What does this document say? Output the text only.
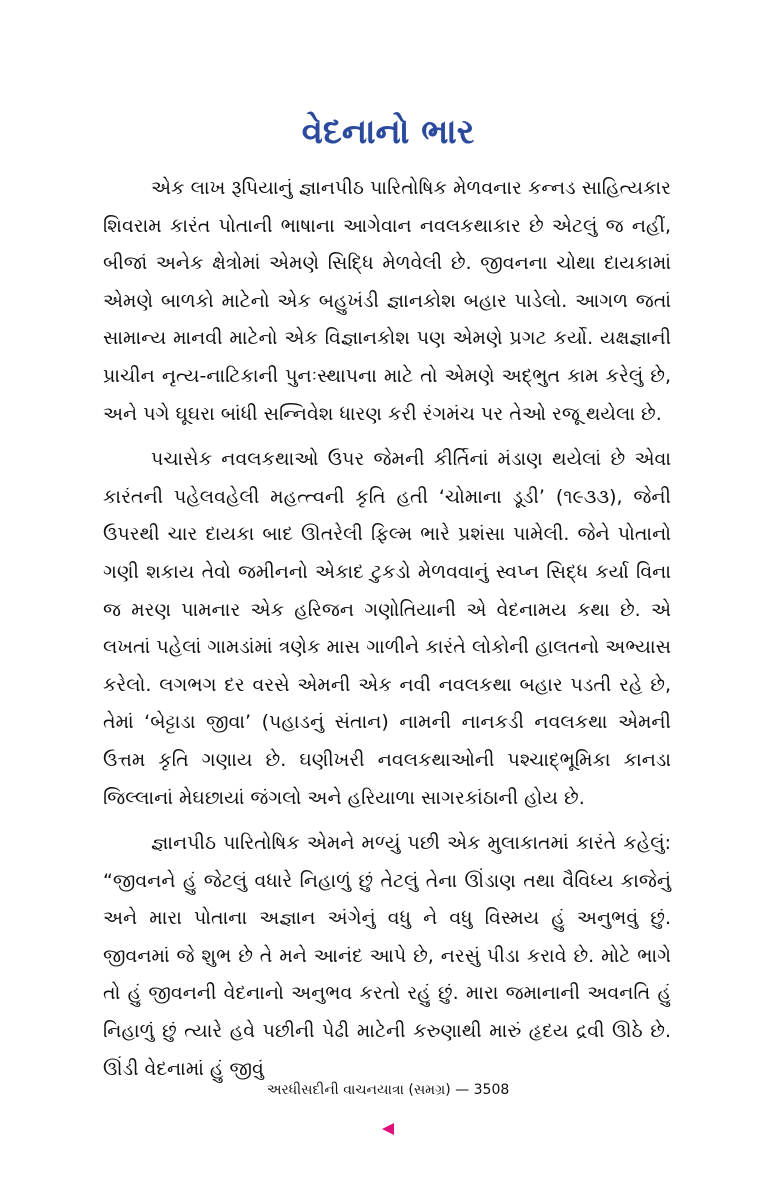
વેદનાનો ભાર

એક લાખ રૂપિયાનું જ્ઞાનપીઠ પારિતોષિક મેળવનાર કન્નડ સાહિત્યકાર શિવરામ કારંત પોતાની ભાષાના આગેવાન નવલકથાકાર છે એટલું જ નહીં, બીજાં અનેક ક્ષેત્રોમાં એમણે સિદ્ધિ મેળવેલી છે. જીવનના ચોથા દાયકામાં એમણે બાળકો માટેનો એક બહુખંડી જ્ઞાનકોશ બહાર પાડેલો. આગળ જતાં સામાન્ય માનવી માટેનો એક વિજ્ઞાનકોશ પણ એમણે પ્રગટ કર્યો. યક્ષજ્ઞાની પ્રાચીન નૃત્ય-નાટિકાની પુનઃસ્થાપના માટે તો એમણે અદ્ભુત કામ કરેલું છે, અને પગે ઘૂઘરા બાંધી સન્નિવેશ ધારણ કરી રંગમંચ પર તેઓ રજૂ થયેલા છે.

પચાસેક નવલકથાઓ ઉપર જેમની કીર્તિનાં મંડાણ થયેલાં છે એવા કારંતની પહેલવહેલી મહત્ત્વની કૃતિ હતી ‘ચોમાના ડૂડી’ (૧૯૩૩), જેની ઉપરથી ચાર દાયકા બાદ ઊતરેલી ફિલ્મ ભારે પ્રશંસા પામેલી. જેને પોતાનો ગણી શકાય તેવો જમીનનો એકાદ ટુકડો મેળવવાનું સ્વપ્ન સિદ્ધ કર્યા વિના જ મરણ પામનાર એક હરિજન ગણોતિયાની એ વેદનામય કથા છે. એ લખતાં પહેલાં ગામડાંમાં ત્રણેક માસ ગાળીને કારંતે લોકોની હાલતનો અભ્યાસ કરેલો. લગભગ દર વરસે એમની એક નવી નવલકથા બહાર પડતી રહે છે, તેમાં ‘બેટ્ટાડા જીવા’ (પહાડનું સંતાન) નામની નાનકડી નવલકથા એમની ઉત્તમ કૃતિ ગણાય છે. ઘણીખરી નવલકથાઓની પશ્ચાદ્ભૂમિકા કાનડા જિલ્લાનાં મેઘછાયાં જંગલો અને હરિયાળા સાગરકાંઠાની હોય છે.

જ્ઞાનપીઠ પારિતોષિક એમને મળ્યું પછી એક મુલાકાતમાં કારંતે કહેલું: “જીવનને હું જેટલું વધારે નિહાળું છું તેટલું તેના ઊંડાણ તથા વૈવિધ્ય કાજેનું અને મારા પોતાના અજ્ઞાન અંગેનું વધુ ને વધુ વિસ્મય હું અનુભવું છું. જીવનમાં જે શુભ છે તે મને આનંદ આપે છે, નરસું પીડા કરાવે છે. મોટે ભાગે તો હું જીવનની વેદનાનો અનુભવ કરતો રહું છું. મારા જમાનાની અવનતિ હું નિહાળું છું ત્યારે હવે પછીની પેઢી માટેની કરુણાથી મારું હૃદય દ્રવી ઊઠે છે. ઊંડી વેદનામાં હું જીવું

અરધીસદીની વાચનયાત્રા (સમગ્ર) — 3508
